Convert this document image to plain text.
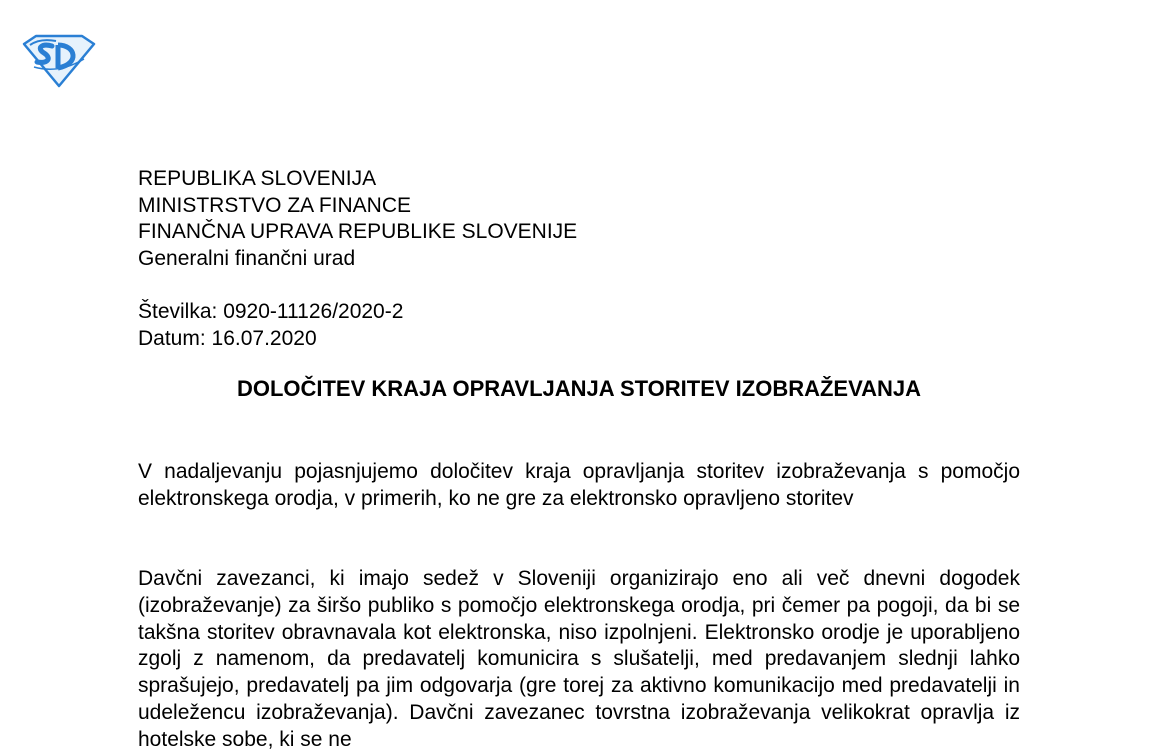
REPUBLIKA SLOVENIJA
MINISTRSTVO ZA FINANCE
FINANČNA UPRAVA REPUBLIKE SLOVENIJE
Generalni finančni urad
Številka: 0920-11126/2020-2
Datum: 16.07.2020
DOLOČITEV KRAJA OPRAVLJANJA STORITEV IZOBRAŽEVANJA

V nadaljevanju pojasnjujemo določitev kraja opravljanja storitev izobraževanja s pomočjo elektronskega orodja, v primerih, ko ne gre za elektronsko opravljeno storitev

Davčni zavezanci, ki imajo sedež v Sloveniji organizirajo eno ali več dnevni dogodek (izobraževanje) za širšo publiko s pomočjo elektronskega orodja, pri čemer pa pogoji, da bi se takšna storitev obravnavala kot elektronska, niso izpolnjeni. Elektronsko orodje je uporabljeno zgolj z namenom, da predavatelj komunicira s slušatelji, med predavanjem slednji lahko sprašujejo, predavatelj pa jim odgovarja (gre torej za aktivno komunikacijo med predavatelji in udeležencu izobraževanja). Davčni zavezanec tovrstna izobraževanja velikokrat opravlja iz hotelske sobe, ki se ne
